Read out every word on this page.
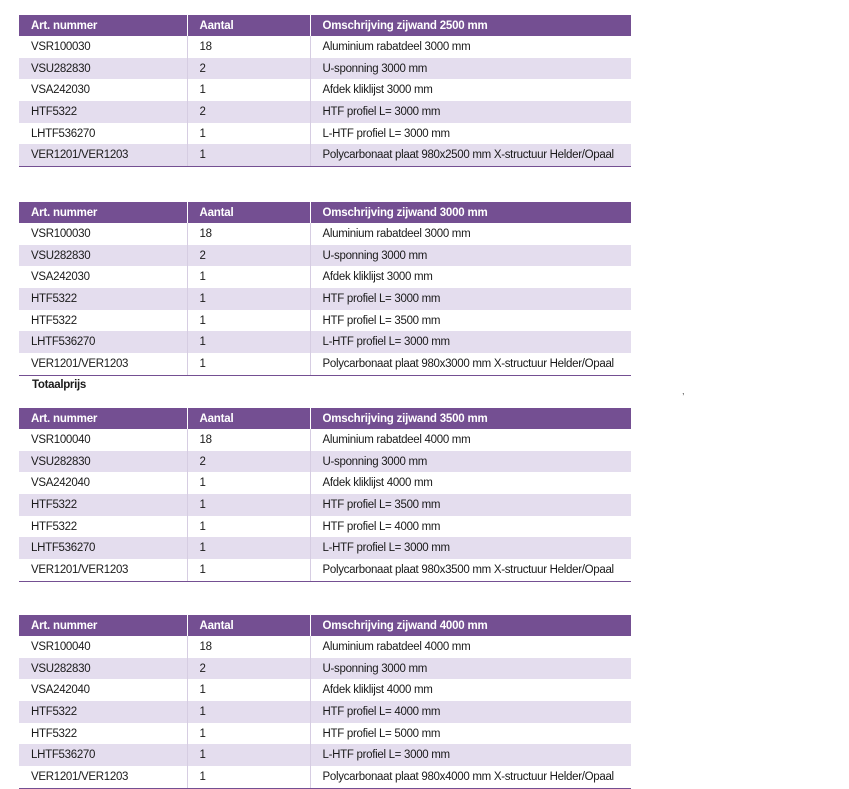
Art. nummer	Aantal	Omschrijving zijwand 2500 mm
VSR100030	18	Aluminium rabatdeel 3000 mm
VSU282830	2	U-sponning 3000 mm
VSA242030	1	Afdek kliklijst 3000 mm
HTF5322	2	HTF profiel L= 3000 mm
LHTF536270	1	L-HTF profiel L= 3000 mm
VER1201/VER1203	1	Polycarbonaat plaat 980x2500 mm X-structuur Helder/Opaal
Art. nummer	Aantal	Omschrijving zijwand 3000 mm
VSR100030	18	Aluminium rabatdeel 3000 mm
VSU282830	2	U-sponning 3000 mm
VSA242030	1	Afdek kliklijst 3000 mm
HTF5322	1	HTF profiel L= 3000 mm
HTF5322	1	HTF profiel L= 3500 mm
LHTF536270	1	L-HTF profiel L= 3000 mm
VER1201/VER1203	1	Polycarbonaat plaat 980x3000 mm X-structuur Helder/Opaal
Art. nummer	Aantal	Omschrijving zijwand 3500 mm
VSR100040	18	Aluminium rabatdeel 4000 mm
VSU282830	2	U-sponning 3000 mm
VSA242040	1	Afdek kliklijst 4000 mm
HTF5322	1	HTF profiel L= 3500 mm
HTF5322	1	HTF profiel L= 4000 mm
LHTF536270	1	L-HTF profiel L= 3000 mm
VER1201/VER1203	1	Polycarbonaat plaat 980x3500 mm X-structuur Helder/Opaal
Art. nummer	Aantal	Omschrijving zijwand 4000 mm
VSR100040	18	Aluminium rabatdeel 4000 mm
VSU282830	2	U-sponning 3000 mm
VSA242040	1	Afdek kliklijst 4000 mm
HTF5322	1	HTF profiel L= 4000 mm
HTF5322	1	HTF profiel L= 5000 mm
LHTF536270	1	L-HTF profiel L= 3000 mm
VER1201/VER1203	1	Polycarbonaat plaat 980x4000 mm X-structuur Helder/Opaal
Totaalprijs	,
